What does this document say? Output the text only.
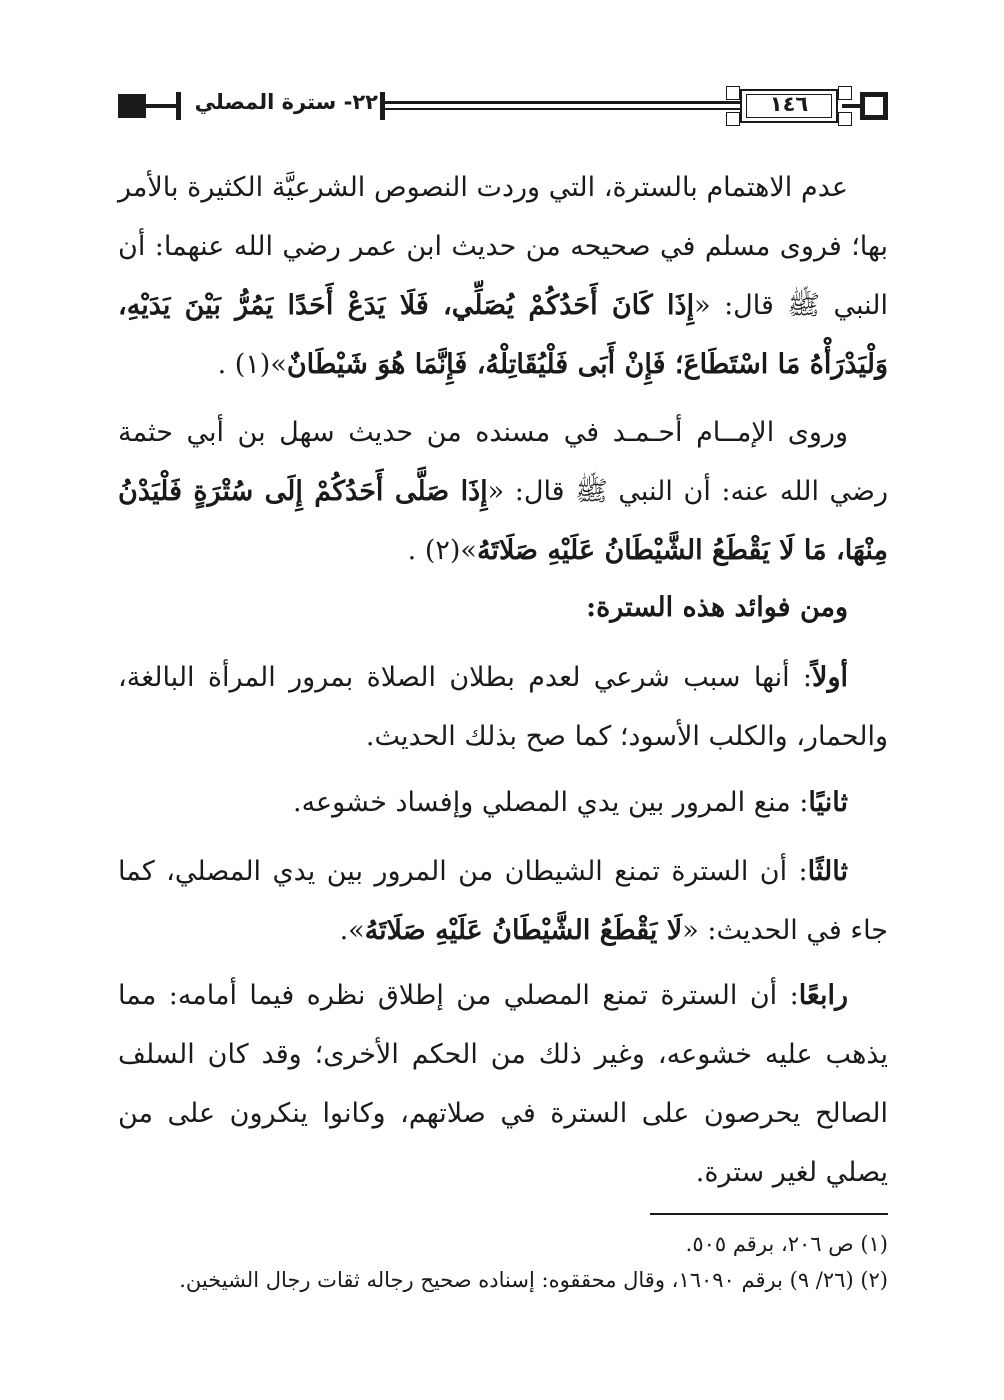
٢٢- سترة المصلي	١٤٦
عدم الاهتمام بالسترة، التي وردت النصوص الشرعيَّة الكثيرة بالأمر بها؛ فروى مسلم في صحيحه من حديث ابن عمر رضي الله عنهما: أن النبي ﷺ قال: «إِذَا كَانَ أَحَدُكُمْ يُصَلِّي، فَلَا يَدَعْ أَحَدًا يَمُرُّ بَيْنَ يَدَيْهِ، وَلْيَدْرَأْهُ مَا اسْتَطَاعَ؛ فَإِنْ أَبَى فَلْيُقَاتِلْهُ، فَإِنَّمَا هُوَ شَيْطَانٌ»(١) .
وروى الإمــام أحـمـد في مسنده من حديث سهل بن أبي حثمة رضي الله عنه: أن النبي ﷺ قال: «إِذَا صَلَّى أَحَدُكُمْ إِلَى سُتْرَةٍ فَلْيَدْنُ مِنْهَا، مَا لَا يَقْطَعُ الشَّيْطَانُ عَلَيْهِ صَلَاتَهُ»(٢) .
ومن فوائد هذه السترة:
أولاً: أنها سبب شرعي لعدم بطلان الصلاة بمرور المرأة البالغة، والحمار، والكلب الأسود؛ كما صح بذلك الحديث.
ثانيًا: منع المرور بين يدي المصلي وإفساد خشوعه.
ثالثًا: أن السترة تمنع الشيطان من المرور بين يدي المصلي، كما جاء في الحديث: «لَا يَقْطَعُ الشَّيْطَانُ عَلَيْهِ صَلَاتَهُ».
رابعًا: أن السترة تمنع المصلي من إطلاق نظره فيما أمامه: مما يذهب عليه خشوعه، وغير ذلك من الحكم الأخرى؛ وقد كان السلف الصالح يحرصون على السترة في صلاتهم، وكانوا ينكرون على من يصلي لغير سترة.
(١) ص ٢٠٦، برقم ٥٠٥.
(٢) (٢٦/ ٩) برقم ١٦٠٩٠، وقال محققوه: إسناده صحيح رجاله ثقات رجال الشيخين.
